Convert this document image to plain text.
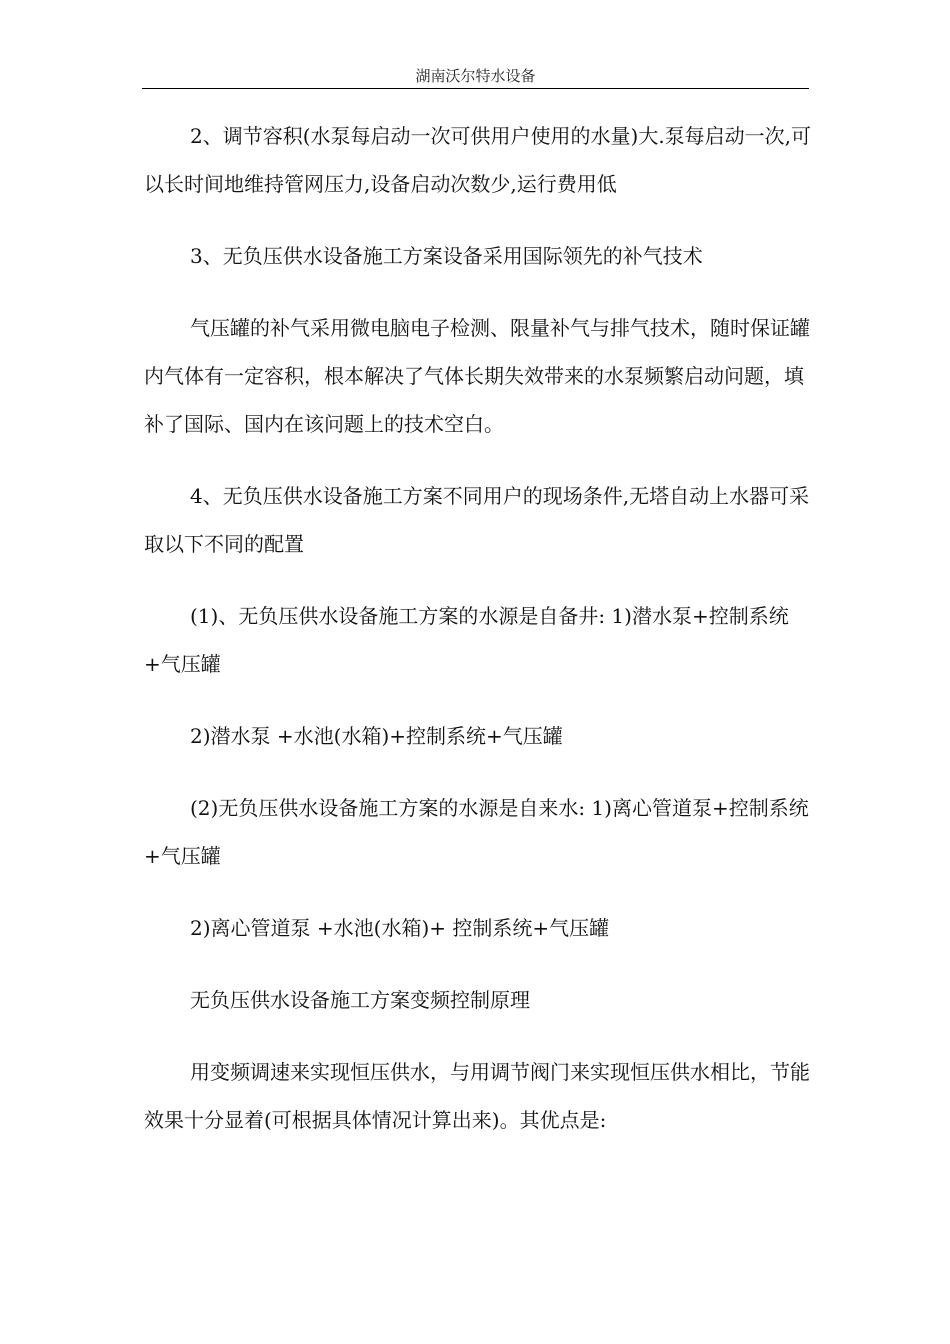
湖南沃尔特水设备

2、调节容积(水泵每启动一次可供用户使用的水量)大.泵每启动一次,可以长时间地维持管网压力,设备启动次数少,运行费用低

3、无负压供水设备施工方案设备采用国际领先的补气技术

气压罐的补气采用微电脑电子检测、限量补气与排气技术，随时保证罐内气体有一定容积，根本解决了气体长期失效带来的水泵频繁启动问题，填补了国际、国内在该问题上的技术空白。

4、无负压供水设备施工方案不同用户的现场条件,无塔自动上水器可采取以下不同的配置

(1)、无负压供水设备施工方案的水源是自备井: 1)潜水泵+控制系统+气压罐

2)潜水泵 +水池(水箱)+控制系统+气压罐

(2)无负压供水设备施工方案的水源是自来水: 1)离心管道泵+控制系统+气压罐

2)离心管道泵 +水池(水箱)+ 控制系统+气压罐

无负压供水设备施工方案变频控制原理

用变频调速来实现恒压供水，与用调节阀门来实现恒压供水相比，节能效果十分显着(可根据具体情况计算出来)。其优点是:
